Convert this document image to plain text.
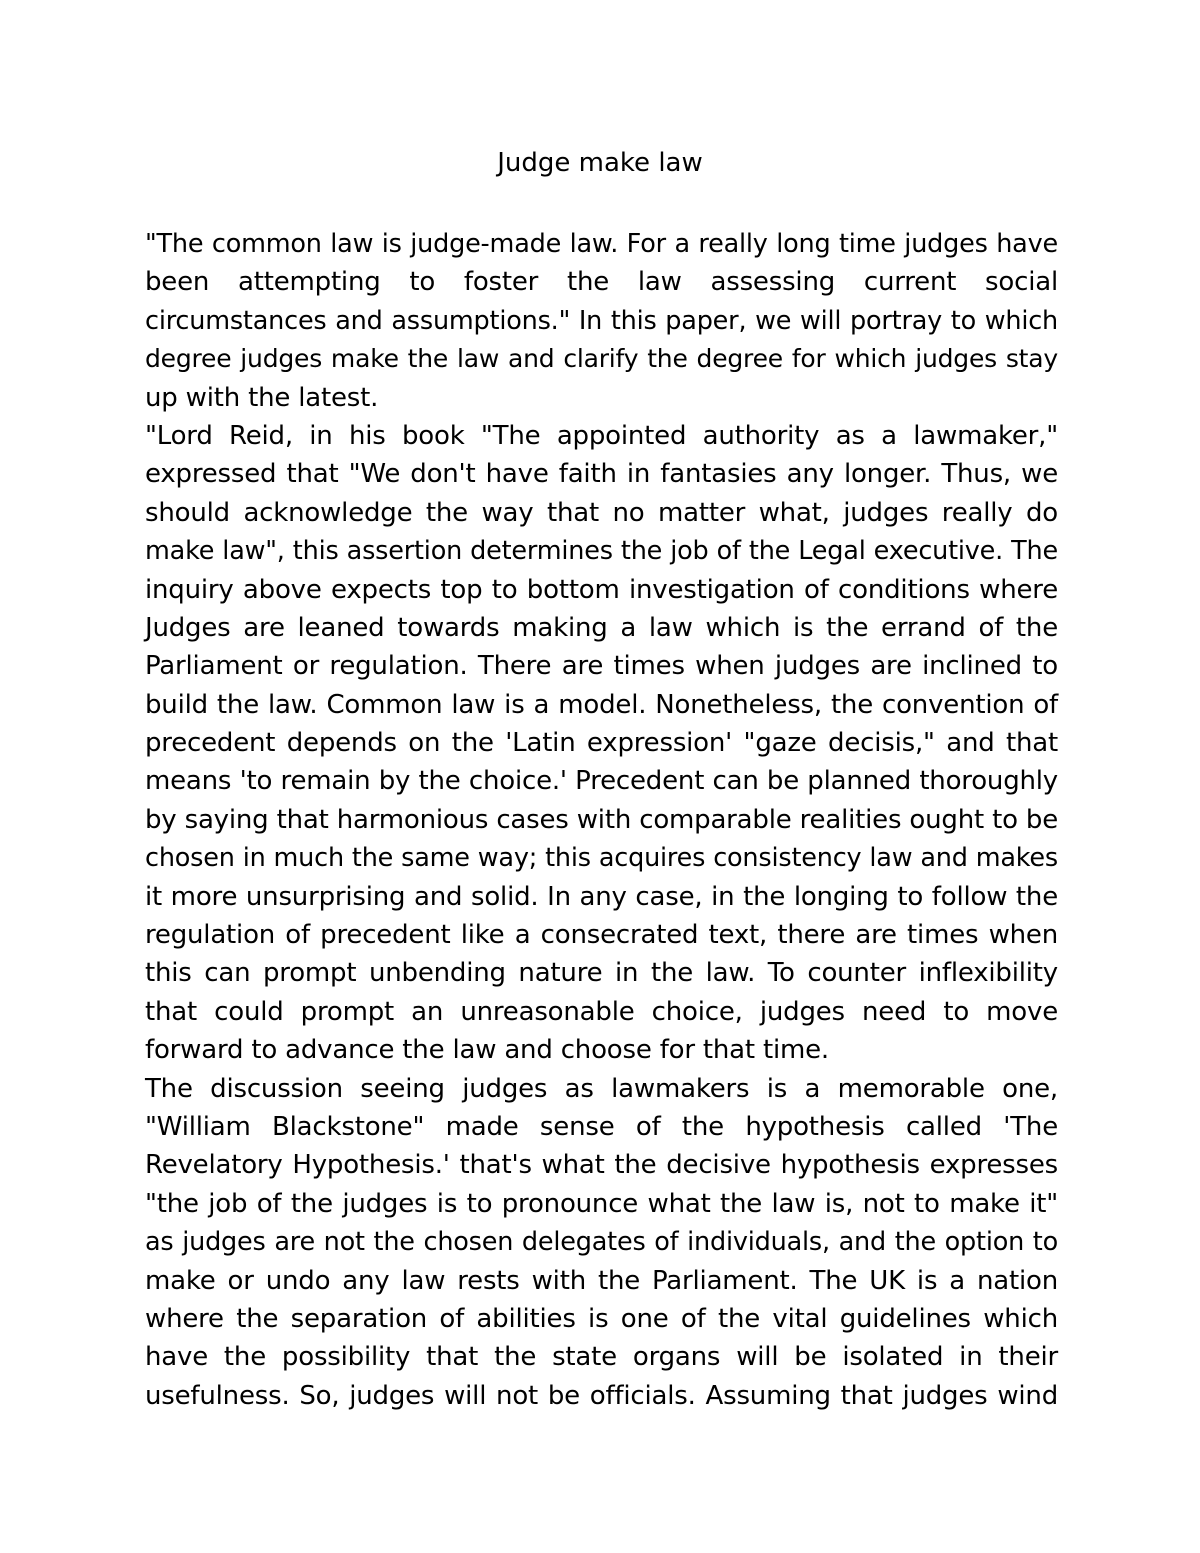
Judge make law
"The common law is judge-made law. For a really long time judges have
been attempting to foster the law assessing current social
circumstances and assumptions." In this paper, we will portray to which
degree judges make the law and clarify the degree for which judges stay
up with the latest.
"Lord Reid, in his book "The appointed authority as a lawmaker,"
expressed that "We don't have faith in fantasies any longer. Thus, we
should acknowledge the way that no matter what, judges really do
make law", this assertion determines the job of the Legal executive. The
inquiry above expects top to bottom investigation of conditions where
Judges are leaned towards making a law which is the errand of the
Parliament or regulation. There are times when judges are inclined to
build the law. Common law is a model. Nonetheless, the convention of
precedent depends on the 'Latin expression' "gaze decisis," and that
means 'to remain by the choice.' Precedent can be planned thoroughly
by saying that harmonious cases with comparable realities ought to be
chosen in much the same way; this acquires consistency law and makes
it more unsurprising and solid. In any case, in the longing to follow the
regulation of precedent like a consecrated text, there are times when
this can prompt unbending nature in the law. To counter inflexibility
that could prompt an unreasonable choice, judges need to move
forward to advance the law and choose for that time.
The discussion seeing judges as lawmakers is a memorable one,
"William Blackstone" made sense of the hypothesis called 'The
Revelatory Hypothesis.' that's what the decisive hypothesis expresses
"the job of the judges is to pronounce what the law is, not to make it"
as judges are not the chosen delegates of individuals, and the option to
make or undo any law rests with the Parliament. The UK is a nation
where the separation of abilities is one of the vital guidelines which
have the possibility that the state organs will be isolated in their
usefulness. So, judges will not be officials. Assuming that judges wind
